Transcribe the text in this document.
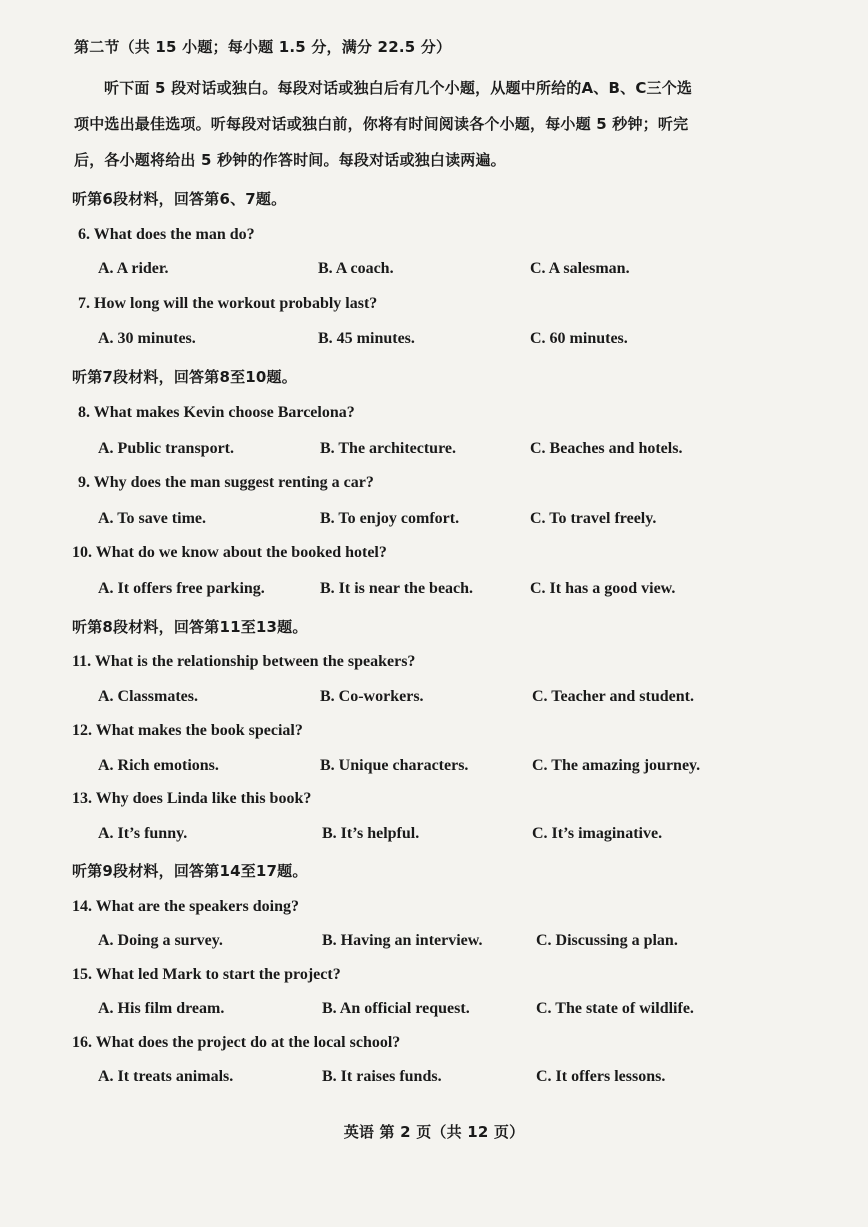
第二节（共 15 小题；每小题 1.5 分，满分 22.5 分）
听下面 5 段对话或独白。每段对话或独白后有几个小题，从题中所给的A、B、C三个选
项中选出最佳选项。听每段对话或独白前，你将有时间阅读各个小题，每小题 5 秒钟；听完
后，各小题将给出 5 秒钟的作答时间。每段对话或独白读两遍。
听第6段材料，回答第6、7题。
6. What does the man do?
A. A rider.	B. A coach.	C. A salesman.
7. How long will the workout probably last?
A. 30 minutes.	B. 45 minutes.	C. 60 minutes.
听第7段材料，回答第8至10题。
8. What makes Kevin choose Barcelona?
A. Public transport.	B. The architecture.	C. Beaches and hotels.
9. Why does the man suggest renting a car?
A. To save time.	B. To enjoy comfort.	C. To travel freely.
10. What do we know about the booked hotel?
A. It offers free parking.	B. It is near the beach.	C. It has a good view.
听第8段材料，回答第11至13题。
11. What is the relationship between the speakers?
A. Classmates.	B. Co-workers.	C. Teacher and student.
12. What makes the book special?
A. Rich emotions.	B. Unique characters.	C. The amazing journey.
13. Why does Linda like this book?
A. It’s funny.	B. It’s helpful.	C. It’s imaginative.
听第9段材料，回答第14至17题。
14. What are the speakers doing?
A. Doing a survey.	B. Having an interview.	C. Discussing a plan.
15. What led Mark to start the project?
A. His film dream.	B. An official request.	C. The state of wildlife.
16. What does the project do at the local school?
A. It treats animals.	B. It raises funds.	C. It offers lessons.
英语 第 2 页（共 12 页）
